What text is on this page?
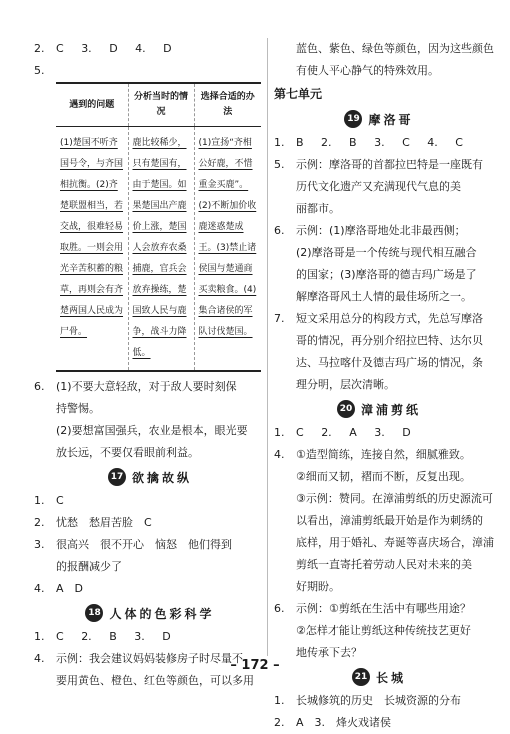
2.	C 3. D 4. D
5.
遇到的问题	分析当时的情况	选择合适的办法
(1)楚国不听齐国号令，与齐国相抗衡。(2)齐楚联盟相当，若交战，很难轻易取胜。一则会用光辛苦积蓄的粮草，再则会有齐楚两国人民成为尸骨。	鹿比较稀少，只有楚国有，由于楚国。如果楚国出产鹿价上涨，楚国人会放弃农桑捕鹿，官兵会放弃操练，楚国致人民与鹿争，战斗力降低。	(1)宣扬“齐相公好鹿，不惜重金买鹿”。(2)不断加价收鹿迷惑楚成王。(3)禁止诸侯国与楚通商买卖粮食。(4)集合诸侯的军队讨伐楚国。
6.	(1)不要大意轻敌，对于敌人要时刻保
持警惕。
(2)要想富国强兵，农业是根本，眼光要
放长远，不要仅看眼前利益。
17 欲擒故纵
1.	C
2.	忧愁　愁眉苦脸　C
3.	很高兴　很不开心　恼怒　他们得到
的报酬减少了
4.	A　D
18 人体的色彩科学
1.	C 2. B 3. D
4.	示例：我会建议妈妈装修房子时尽量不
要用黄色、橙色、红色等颜色，可以多用
蓝色、紫色、绿色等颜色，因为这些颜色
有使人平心静气的特殊效用。
第七单元
19 摩洛哥
1.	B 2. B 3. C 4. C
5.	示例：摩洛哥的首都拉巴特是一座既有
历代文化遗产又充满现代气息的美
丽都市。
6.	示例：(1)摩洛哥地处北非最西侧；
(2)摩洛哥是一个传统与现代相互融合
的国家；(3)摩洛哥的德吉玛广场是了
解摩洛哥风土人情的最佳场所之一。
7.	短文采用总分的构段方式，先总写摩洛
哥的情况，再分别介绍拉巴特、达尔贝
达、马拉喀什及德吉玛广场的情况，条
理分明，层次清晰。
20 漳浦剪纸
1.	C 2. A 3. D
4.	①造型简练，连接自然，细腻雅致。
②细而又韧，褶而不断，反复出现。
③示例：赞同。在漳浦剪纸的历史源流可
以看出，漳浦剪纸最开始是作为刺绣的
底样，用于婚礼、寿诞等喜庆场合，漳浦
剪纸一直寄托着劳动人民对未来的美
好期盼。
6.	示例：①剪纸在生活中有哪些用途？
②怎样才能让剪纸这种传统技艺更好
地传承下去？
21 长城
1.	长城修筑的历史　长城资源的分布
2.	A　3.　烽火戏诸侯
– 172 –
